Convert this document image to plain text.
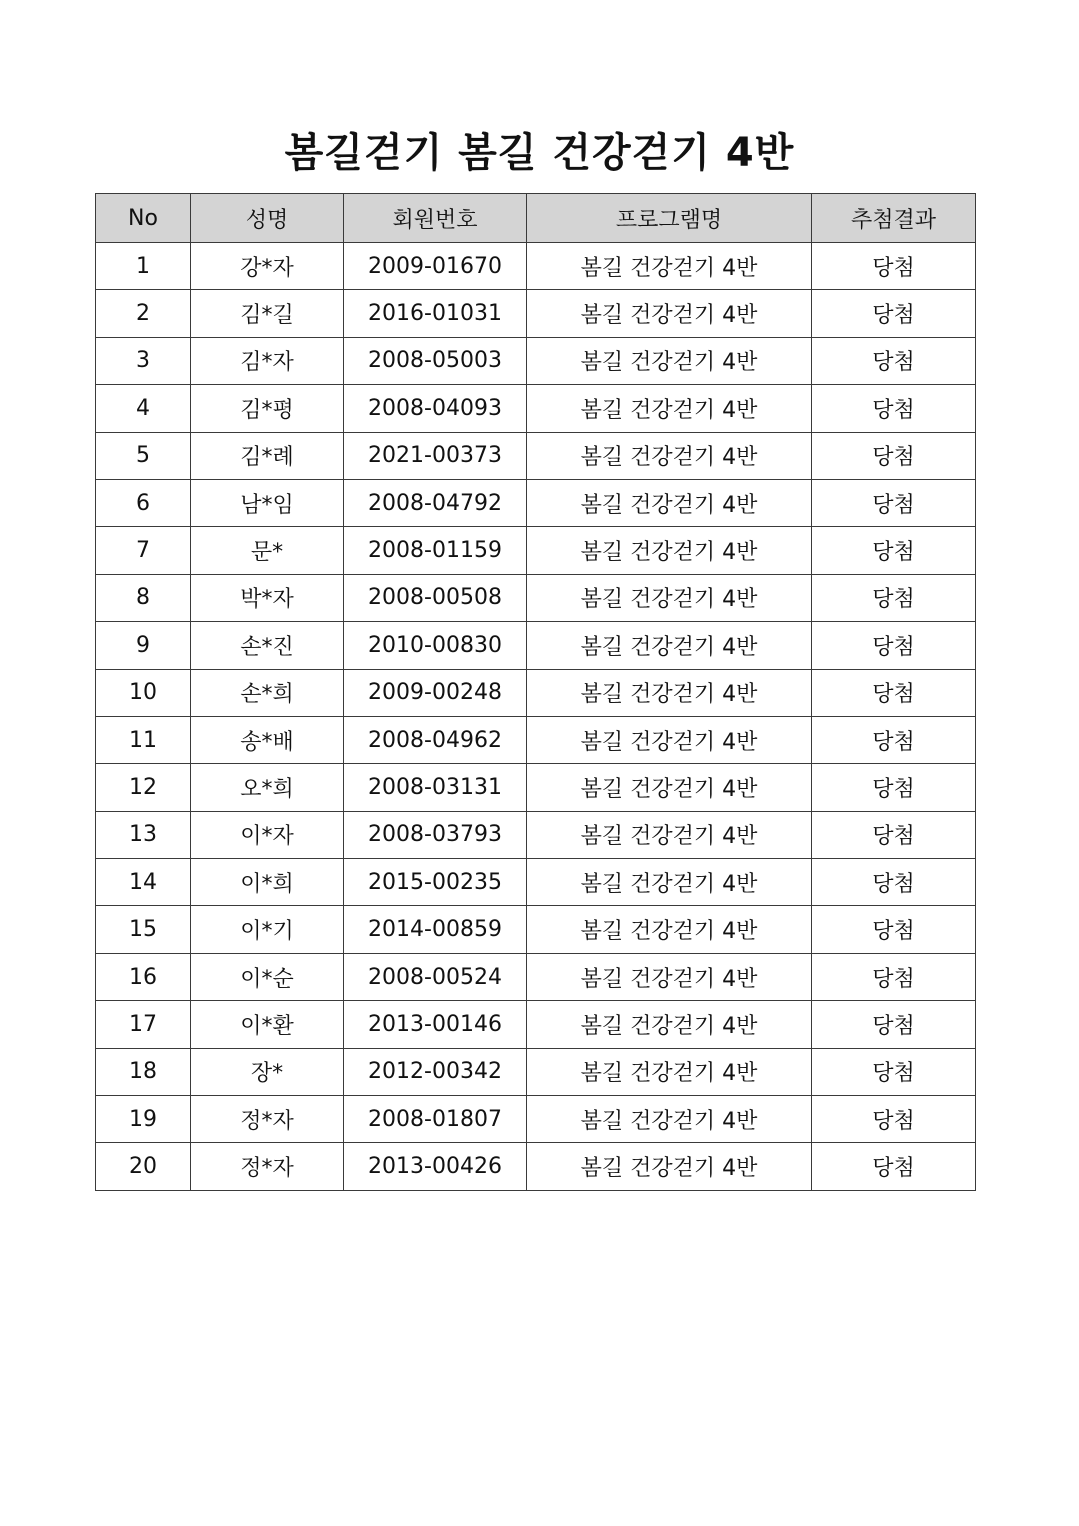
봄길걷기 봄길 건강걷기 4반
No	성명	회원번호	프로그램명	추첨결과
1	강*자	2009-01670	봄길 건강걷기 4반	당첨
2	김*길	2016-01031	봄길 건강걷기 4반	당첨
3	김*자	2008-05003	봄길 건강걷기 4반	당첨
4	김*평	2008-04093	봄길 건강걷기 4반	당첨
5	김*례	2021-00373	봄길 건강걷기 4반	당첨
6	남*임	2008-04792	봄길 건강걷기 4반	당첨
7	문*	2008-01159	봄길 건강걷기 4반	당첨
8	박*자	2008-00508	봄길 건강걷기 4반	당첨
9	손*진	2010-00830	봄길 건강걷기 4반	당첨
10	손*희	2009-00248	봄길 건강걷기 4반	당첨
11	송*배	2008-04962	봄길 건강걷기 4반	당첨
12	오*희	2008-03131	봄길 건강걷기 4반	당첨
13	이*자	2008-03793	봄길 건강걷기 4반	당첨
14	이*희	2015-00235	봄길 건강걷기 4반	당첨
15	이*기	2014-00859	봄길 건강걷기 4반	당첨
16	이*순	2008-00524	봄길 건강걷기 4반	당첨
17	이*환	2013-00146	봄길 건강걷기 4반	당첨
18	장*	2012-00342	봄길 건강걷기 4반	당첨
19	정*자	2008-01807	봄길 건강걷기 4반	당첨
20	정*자	2013-00426	봄길 건강걷기 4반	당첨
